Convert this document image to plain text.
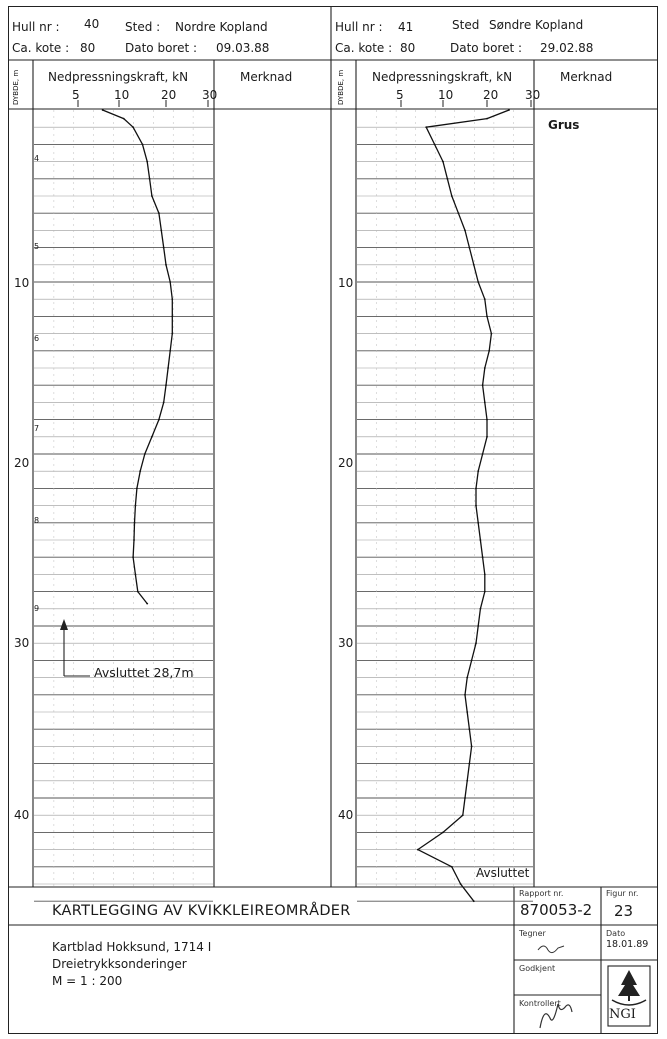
Hull nr : 40 Sted : Nordre Kopland
Ca. kote : 80 Dato boret : 09.03.88
DYBDE, m Nedpressningskraft, kN	Merknad
5	10	20 30
10
20
30
40
4
5
6
7
8
9
Avsluttet 28,7m
Hull nr : 41	Sted Søndre Kopland
Ca. kote : 80	Dato boret : 29.02.88
DYBDE, m Nedpressningskraft, kN	Merknad
5	10 20 30
10
20
30
40
Grus
Avsluttet
KARTLEGGING AV KVIKKLEIREOMRÅDER
Kartblad Hokksund, 1714 I
Dreietrykksonderinger
M = 1 : 200
Rapport nr.
870053-2
Figur nr.
23
Tegner	Dato
18.01.89
Godkjent
Kontrollert
NGI
